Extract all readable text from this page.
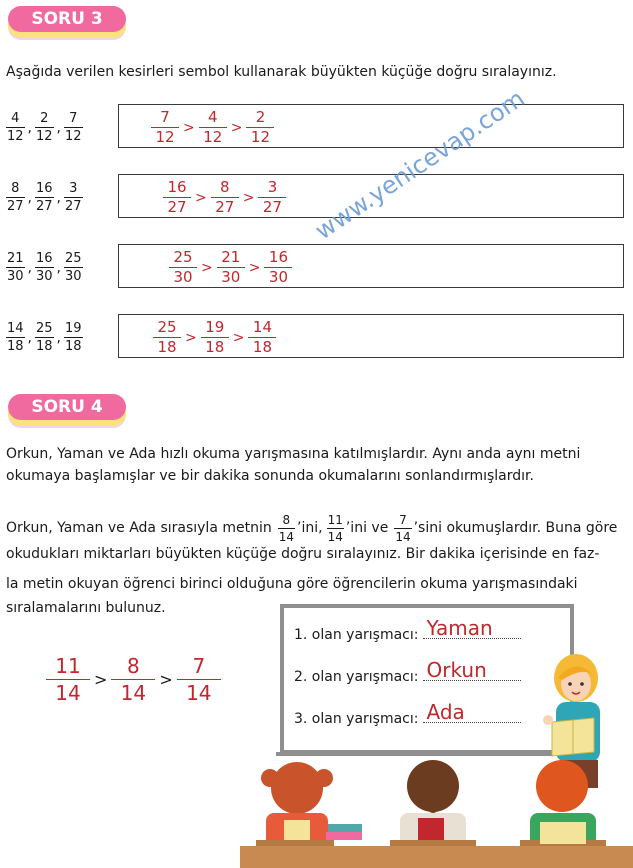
SORU 3
Aşağıda verilen kesirleri sembol kullanarak büyükten küçüğe doğru sıralayınız.
$\frac{4}{12}$ , $\frac{2}{12}$ , $\frac{7}{12}$	$\frac{7}{12} > \frac{4}{12} > \frac{2}{12}$
$\frac{8}{27}$ , $\frac{16}{27}$ , $\frac{3}{27}$	$\frac{16}{27} > \frac{8}{27} > \frac{3}{27}$
$\frac{21}{30}$ , $\frac{16}{30}$ , $\frac{25}{30}$	$\frac{25}{30} > \frac{21}{30} > \frac{16}{30}$
$\frac{14}{18}$ , $\frac{25}{18}$ , $\frac{19}{18}$	$\frac{25}{18} > \frac{19}{18} > \frac{14}{18}$
www.yenicevap.com
SORU 4
Orkun, Yaman ve Ada hızlı okuma yarışmasına katılmışlardır. Aynı anda aynı metni
okumaya başlamışlar ve bir dakika sonunda okumalarını sonlandırmışlardır.
Orkun, Yaman ve Ada sırasıyla metnin $\frac{8}{14}$ ’ini, $\frac{11}{14}$ ’ini ve $\frac{7}{14}$ ’sini okumuşlardır. Buna göre
okudukları miktarları büyükten küçüğe doğru sıralayınız. Bir dakika içerisinde en faz-
la metin okuyan öğrenci birinci olduğuna göre öğrencilerin okuma yarışmasındaki
sıralamalarını bulunuz.
$\frac{11}{14} > \frac{8}{14} > \frac{7}{14}$
1. olan yarışmacı: Yaman
2. olan yarışmacı: Orkun
3. olan yarışmacı: Ada
